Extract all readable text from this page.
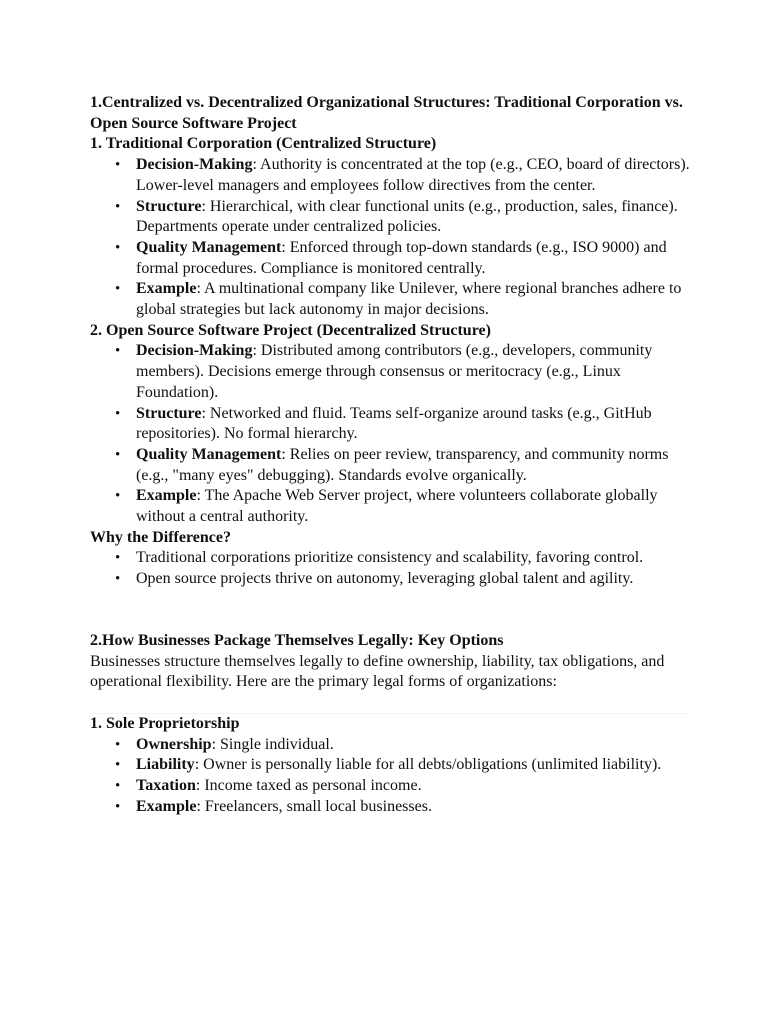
1.Centralized vs. Decentralized Organizational Structures: Traditional Corporation vs. Open Source Software Project

1. Traditional Corporation (Centralized Structure)

• Decision-Making: Authority is concentrated at the top (e.g., CEO, board of directors). Lower-level managers and employees follow directives from the center.
• Structure: Hierarchical, with clear functional units (e.g., production, sales, finance). Departments operate under centralized policies.
• Quality Management: Enforced through top-down standards (e.g., ISO 9000) and formal procedures. Compliance is monitored centrally.
• Example: A multinational company like Unilever, where regional branches adhere to global strategies but lack autonomy in major decisions.

2. Open Source Software Project (Decentralized Structure)

• Decision-Making: Distributed among contributors (e.g., developers, community members). Decisions emerge through consensus or meritocracy (e.g., Linux Foundation).
• Structure: Networked and fluid. Teams self-organize around tasks (e.g., GitHub repositories). No formal hierarchy.
• Quality Management: Relies on peer review, transparency, and community norms (e.g., "many eyes" debugging). Standards evolve organically.
• Example: The Apache Web Server project, where volunteers collaborate globally without a central authority.

Why the Difference?

• Traditional corporations prioritize consistency and scalability, favoring control.
• Open source projects thrive on autonomy, leveraging global talent and agility.

2.How Businesses Package Themselves Legally: Key Options

Businesses structure themselves legally to define ownership, liability, tax obligations, and operational flexibility. Here are the primary legal forms of organizations:

1. Sole Proprietorship

• Ownership: Single individual.
• Liability: Owner is personally liable for all debts/obligations (unlimited liability).
• Taxation: Income taxed as personal income.
• Example: Freelancers, small local businesses.
